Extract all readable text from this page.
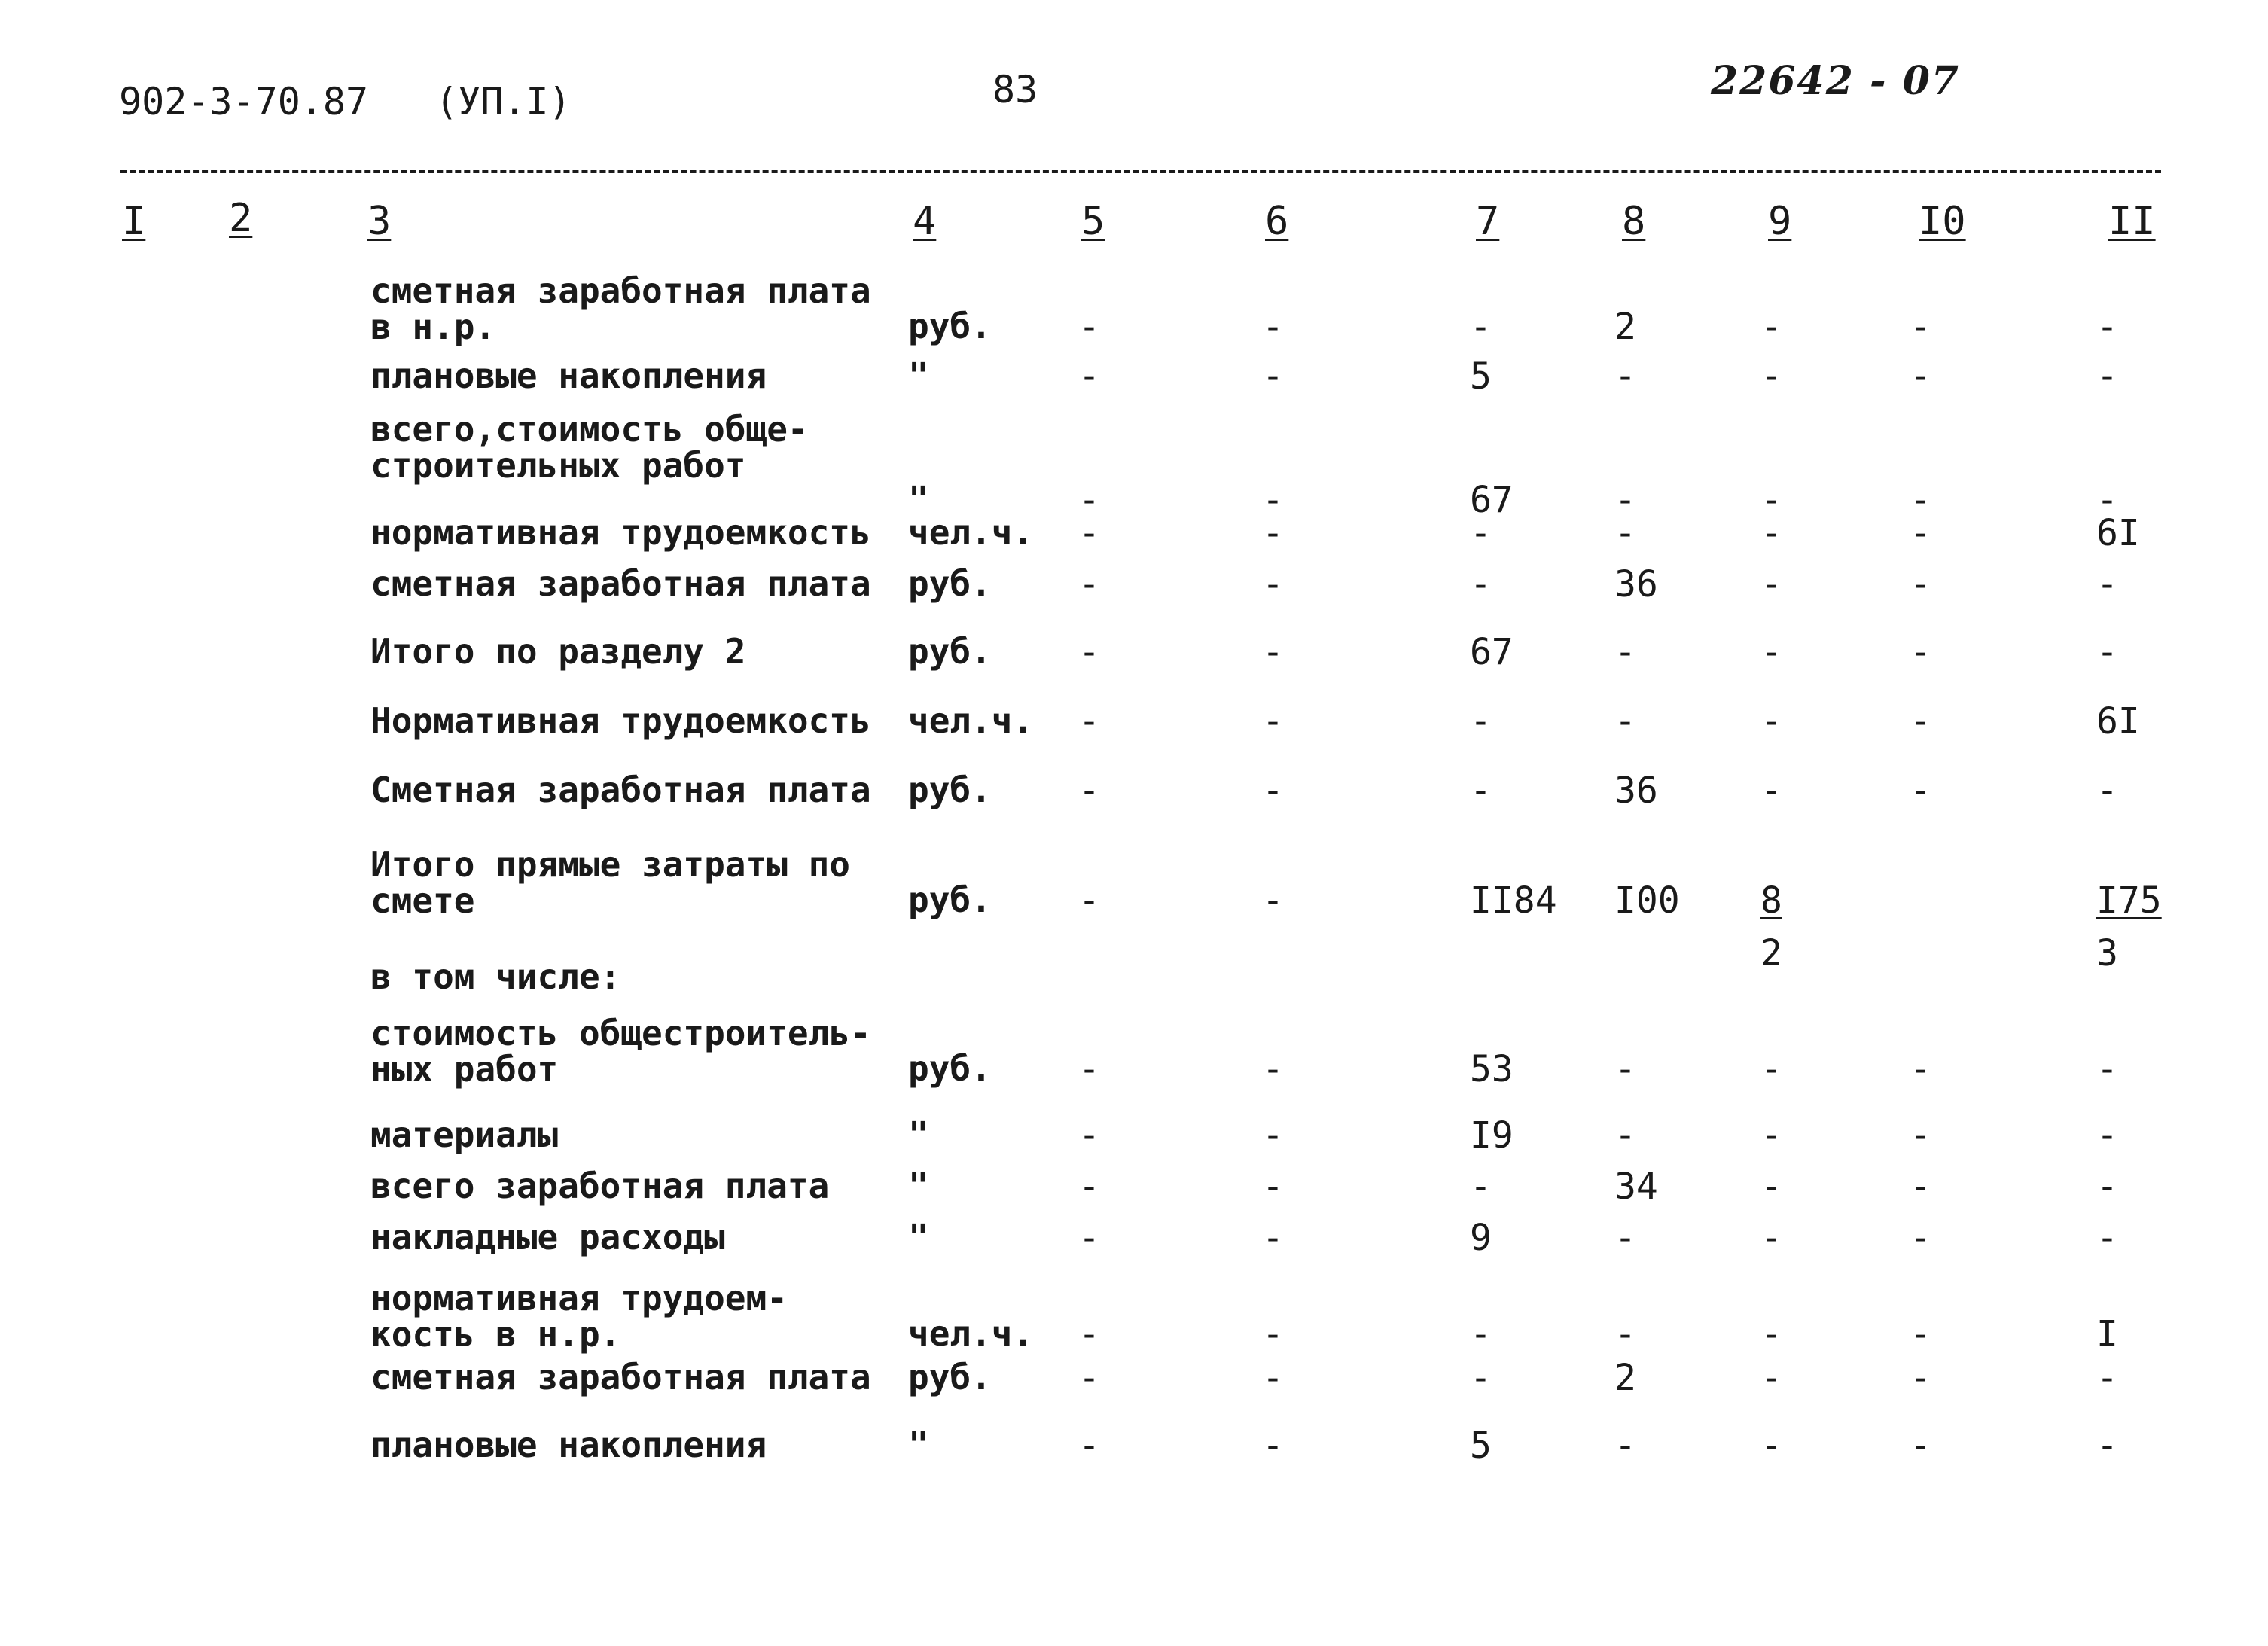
902-3-70.87 (УП.I)	83	22642 - 07
I 2	3	4	5	6	7	8	9	I0	II
сметная заработная плата в н.р.	руб. -	-	-	2	-	-	-
плановые накопления	"	-	-	5	-	-	-	-
всего,стоимость обще- строительных работ
"	-	-	67	-	-	-	-
нормативная трудоемкость чел.ч. -	-	-	-	-	-	6I
сметная заработная плата руб. -	-	-	36	-	-	-
Итого по разделу 2	руб. -	-	67	-	-	-	-
Нормативная трудоемкость чел.ч. -	-	-	-	-	-	6I
Сметная заработная плата руб. -	-	-	36	-	-	-
Итого прямые затраты по смете	руб. -	-	II84 I00 8
2
I75
3
в том числе:
стоимость общестроитель- ных работ	руб. -	-	53	-	-	-	-
материалы	"	-	-	I9	-	-	-	-
всего заработная плата "	-	-	-	34	-	-	-
накладные расходы	"	-	-	9	-	-	-	-
нормативная трудоем- кость в н.р.	чел.ч. -	-	-	-	-	-	I
сметная заработная плата руб. -	-	-	2	-	-	-
плановые накопления	"	-	-	5	-	-	-	-
